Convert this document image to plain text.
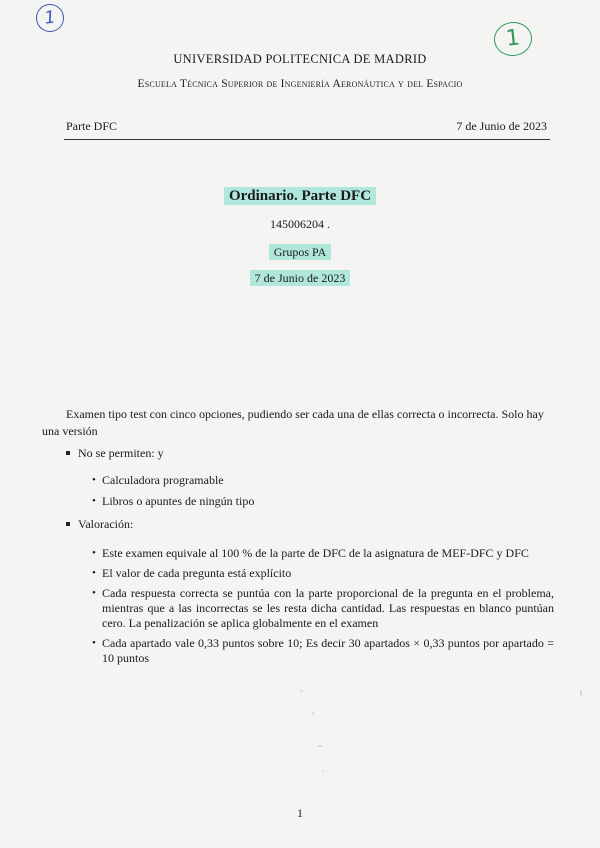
1
1
UNIVERSIDAD POLITECNICA DE MADRID
Escuela Técnica Superior de Ingeniería Aeronáutica y del Espacio
Parte DFC	7 de Junio de 2023
Ordinario. Parte DFC
145006204 .
Grupos PA
7 de Junio de 2023
Examen tipo test con cinco opciones, pudiendo ser cada una de ellas correcta o incorrecta. Solo hay una versión
No se permiten: y
• Calculadora programable
• Libros o apuntes de ningún tipo
Valoración:
• Este examen equivale al 100 % de la parte de DFC de la asignatura de MEF-DFC y DFC
• El valor de cada pregunta está explícito
• Cada respuesta correcta se puntúa con la parte proporcional de la pregunta en el problema, mientras que a las incorrectas se les resta dicha cantidad. Las respuestas en blanco puntúan cero. La penalización se aplica globalmente en el examen
• Cada apartado vale 0,33 puntos sobre 10; Es decir 30 apartados × 0,33 puntos por apartado = 10 puntos
1
